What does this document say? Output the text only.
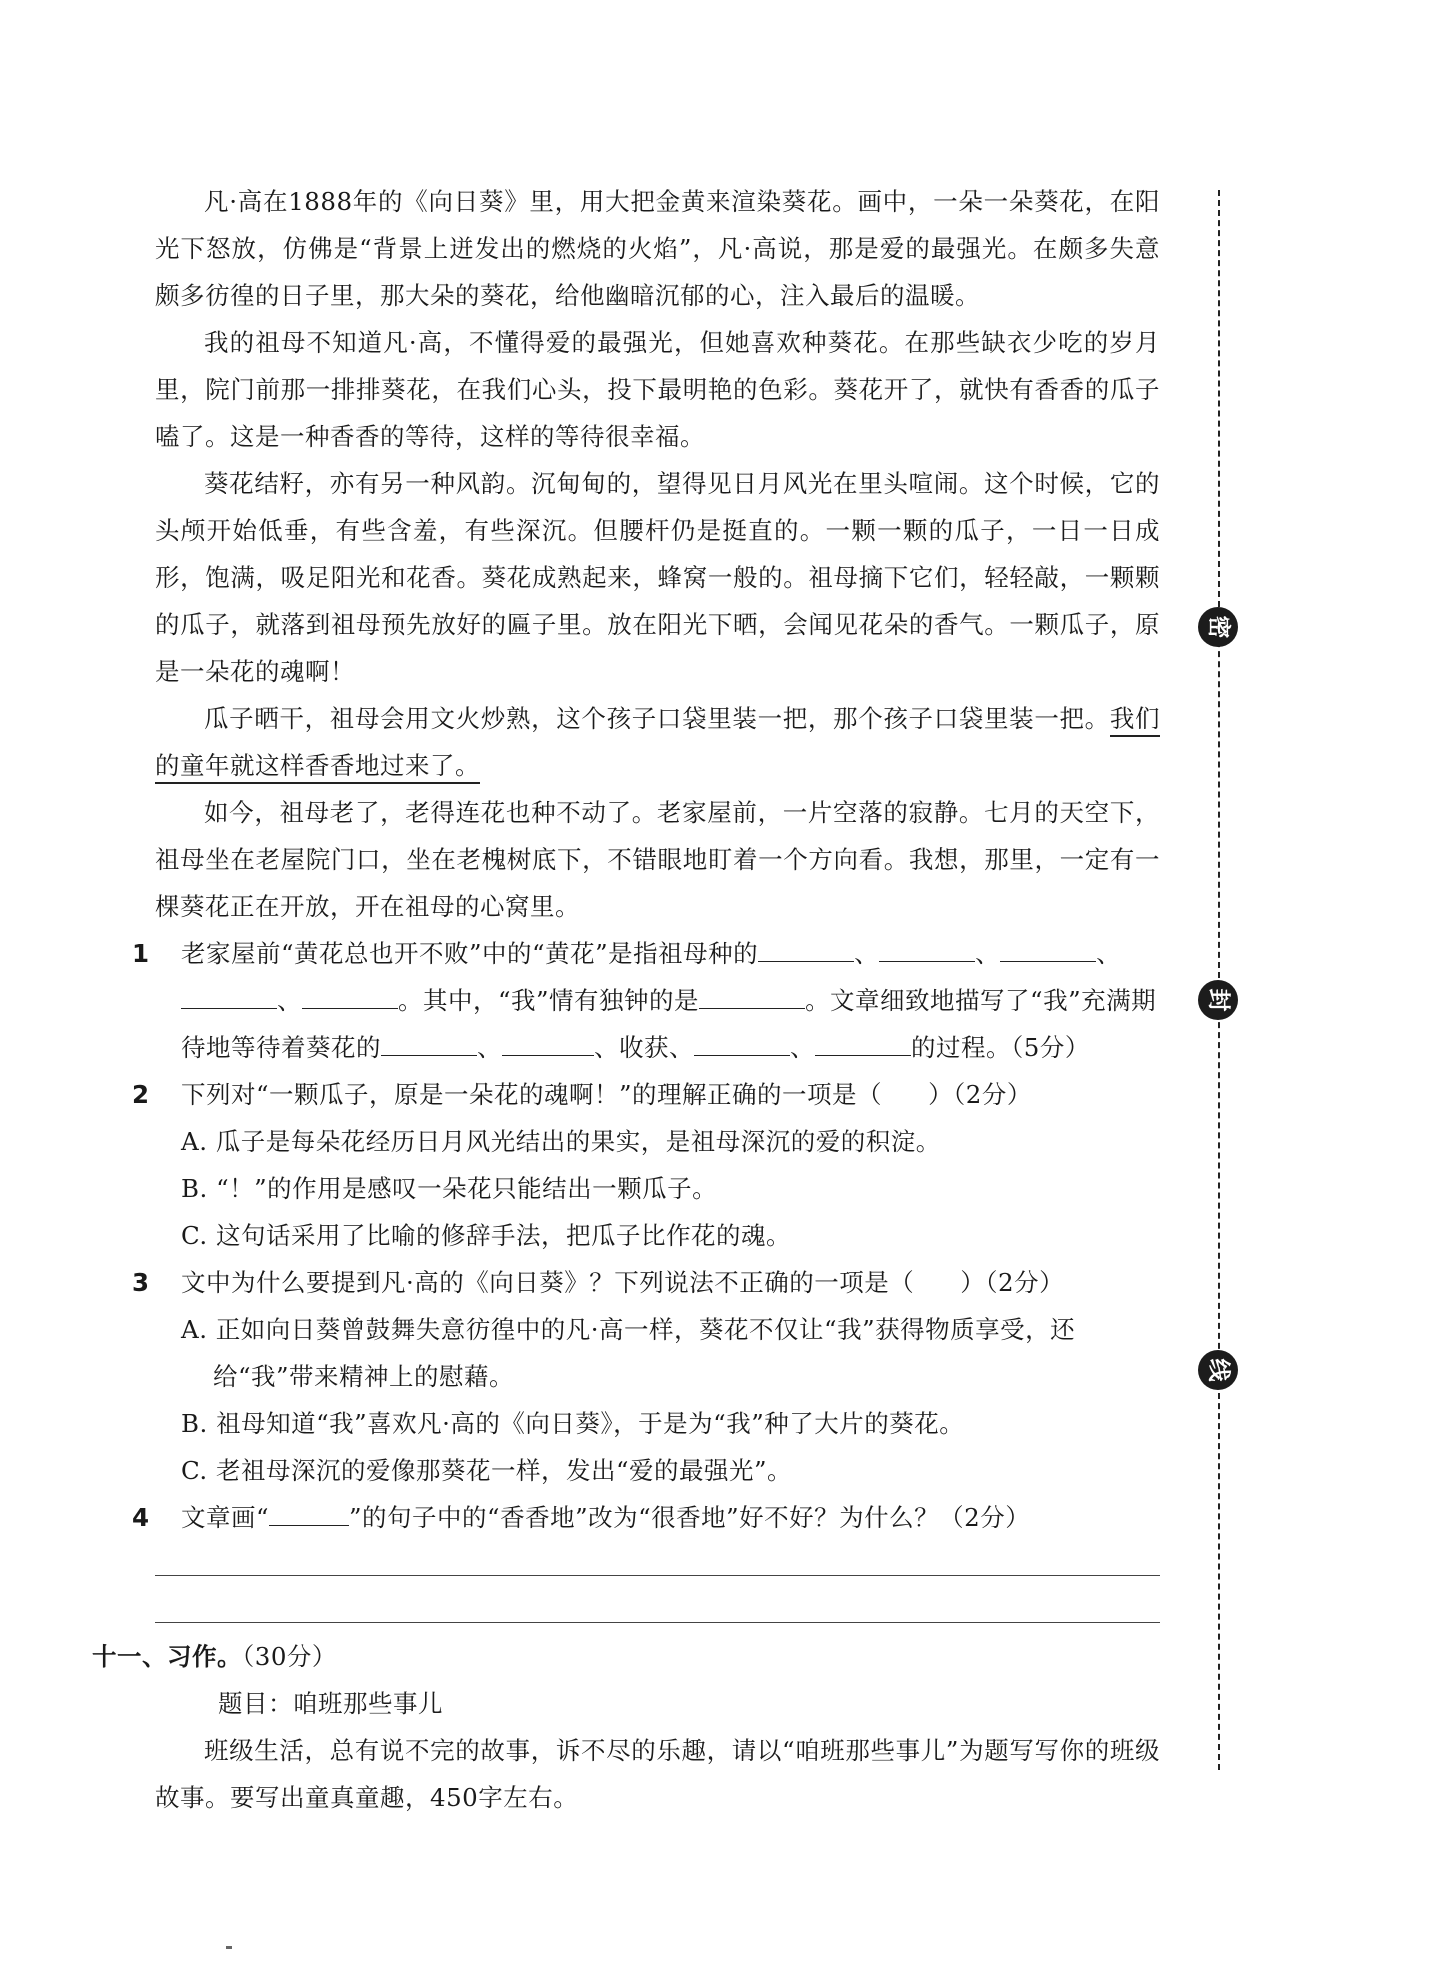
凡·高在1888年的《向日葵》里，用大把金黄来渲染葵花。画中，一朵一朵葵花，在阳光下怒放，仿佛是“背景上迸发出的燃烧的火焰”，凡·高说，那是爱的最强光。在颇多失意颇多彷徨的日子里，那大朵的葵花，给他幽暗沉郁的心，注入最后的温暖。

我的祖母不知道凡·高，不懂得爱的最强光，但她喜欢种葵花。在那些缺衣少吃的岁月里，院门前那一排排葵花，在我们心头，投下最明艳的色彩。葵花开了，就快有香香的瓜子嗑了。这是一种香香的等待，这样的等待很幸福。

葵花结籽，亦有另一种风韵。沉甸甸的，望得见日月风光在里头喧闹。这个时候，它的头颅开始低垂，有些含羞，有些深沉。但腰杆仍是挺直的。一颗一颗的瓜子，一日一日成形，饱满，吸足阳光和花香。葵花成熟起来，蜂窝一般的。祖母摘下它们，轻轻敲，一颗颗的瓜子，就落到祖母预先放好的匾子里。放在阳光下晒，会闻见花朵的香气。一颗瓜子，原是一朵花的魂啊！

瓜子晒干，祖母会用文火炒熟，这个孩子口袋里装一把，那个孩子口袋里装一把。我们的童年就这样香香地过来了。

如今，祖母老了，老得连花也种不动了。老家屋前，一片空落的寂静。七月的天空下，祖母坐在老屋院门口，坐在老槐树底下，不错眼地盯着一个方向看。我想，那里，一定有一棵葵花正在开放，开在祖母的心窝里。

1 老家屋前“黄花总也开不败”中的“黄花”是指祖母种的	、	、	、
、	。其中，“我”情有独钟的是	。文章细致地描写了“我”充满期待地等待着葵花的	、	、收获、	、	的过程。（5分）

2 下列对“一颗瓜子，原是一朵花的魂啊！”的理解正确的一项是（ ）（2分）

A. 瓜子是每朵花经历日月风光结出的果实，是祖母深沉的爱的积淀。

B. “！”的作用是感叹一朵花只能结出一颗瓜子。

C. 这句话采用了比喻的修辞手法，把瓜子比作花的魂。

3 文中为什么要提到凡·高的《向日葵》？下列说法不正确的一项是（ ）（2分）

A. 正如向日葵曾鼓舞失意彷徨中的凡·高一样，葵花不仅让“我”获得物质享受，还

给“我”带来精神上的慰藉。

B. 祖母知道“我”喜欢凡·高的《向日葵》，于是为“我”种了大片的葵花。

C. 老祖母深沉的爱像那葵花一样，发出“爱的最强光”。

4 文章画“	”的句子中的“香香地”改为“很香地”好不好？为什么？（2分）

十一、习作。（30分）

题目：咱班那些事儿

班级生活，总有说不完的故事，诉不尽的乐趣，请以“咱班那些事儿”为题写写你的班级故事。要写出童真童趣，450字左右。

密
封
线
